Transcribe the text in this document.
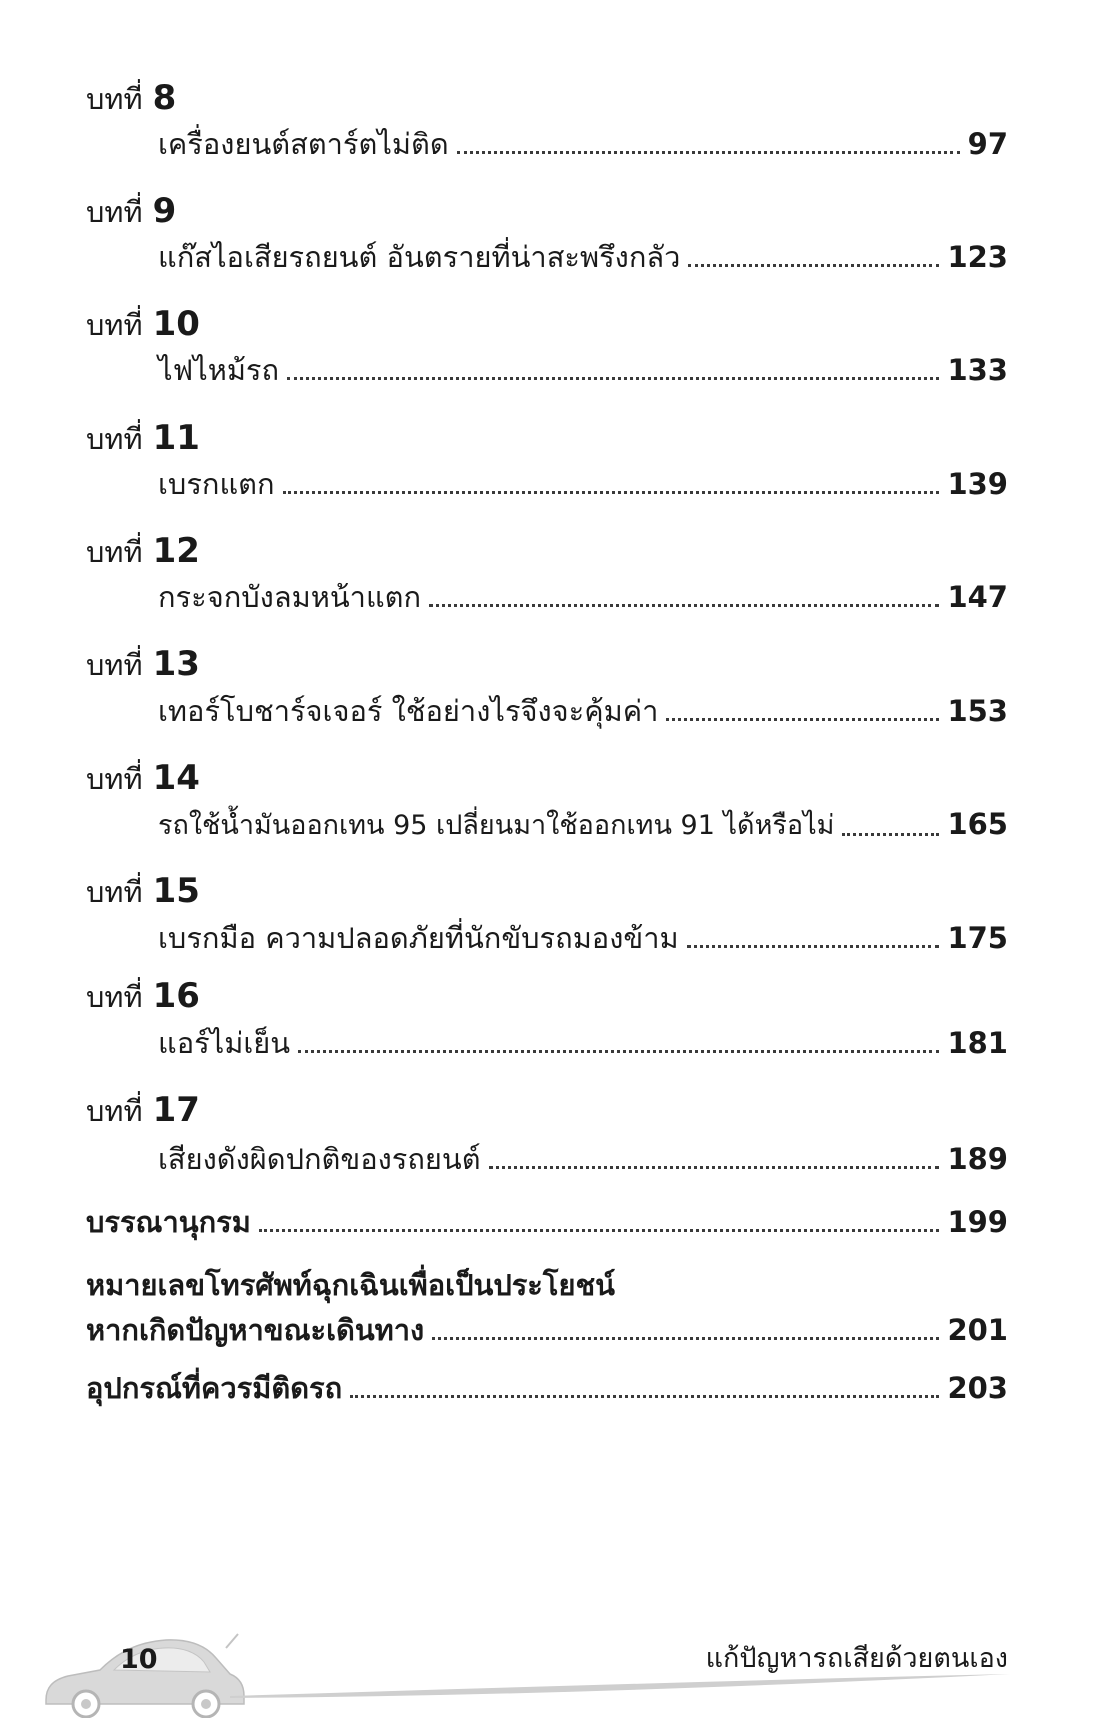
บทที่ 8
เครื่องยนต์สตาร์ตไม่ติด	97
บทที่ 9
แก๊สไอเสียรถยนต์ อันตรายที่น่าสะพรึงกลัว	123
บทที่ 10
ไฟไหม้รถ	133
บทที่ 11
เบรกแตก	139
บทที่ 12
กระจกบังลมหน้าแตก	147
บทที่ 13
เทอร์โบชาร์จเจอร์ ใช้อย่างไรจึงจะคุ้มค่า	153
บทที่ 14
รถใช้น้ำมันออกเทน 95 เปลี่ยนมาใช้ออกเทน 91 ได้หรือไม่	165
บทที่ 15
เบรกมือ ความปลอดภัยที่นักขับรถมองข้าม	175
บทที่ 16
แอร์ไม่เย็น	181
บทที่ 17
เสียงดังผิดปกติของรถยนต์	189
บรรณานุกรม	199
หมายเลขโทรศัพท์ฉุกเฉินเพื่อเป็นประโยชน์
หากเกิดปัญหาขณะเดินทาง	201
อุปกรณ์ที่ควรมีติดรถ	203
10	แก้ปัญหารถเสียด้วยตนเอง
